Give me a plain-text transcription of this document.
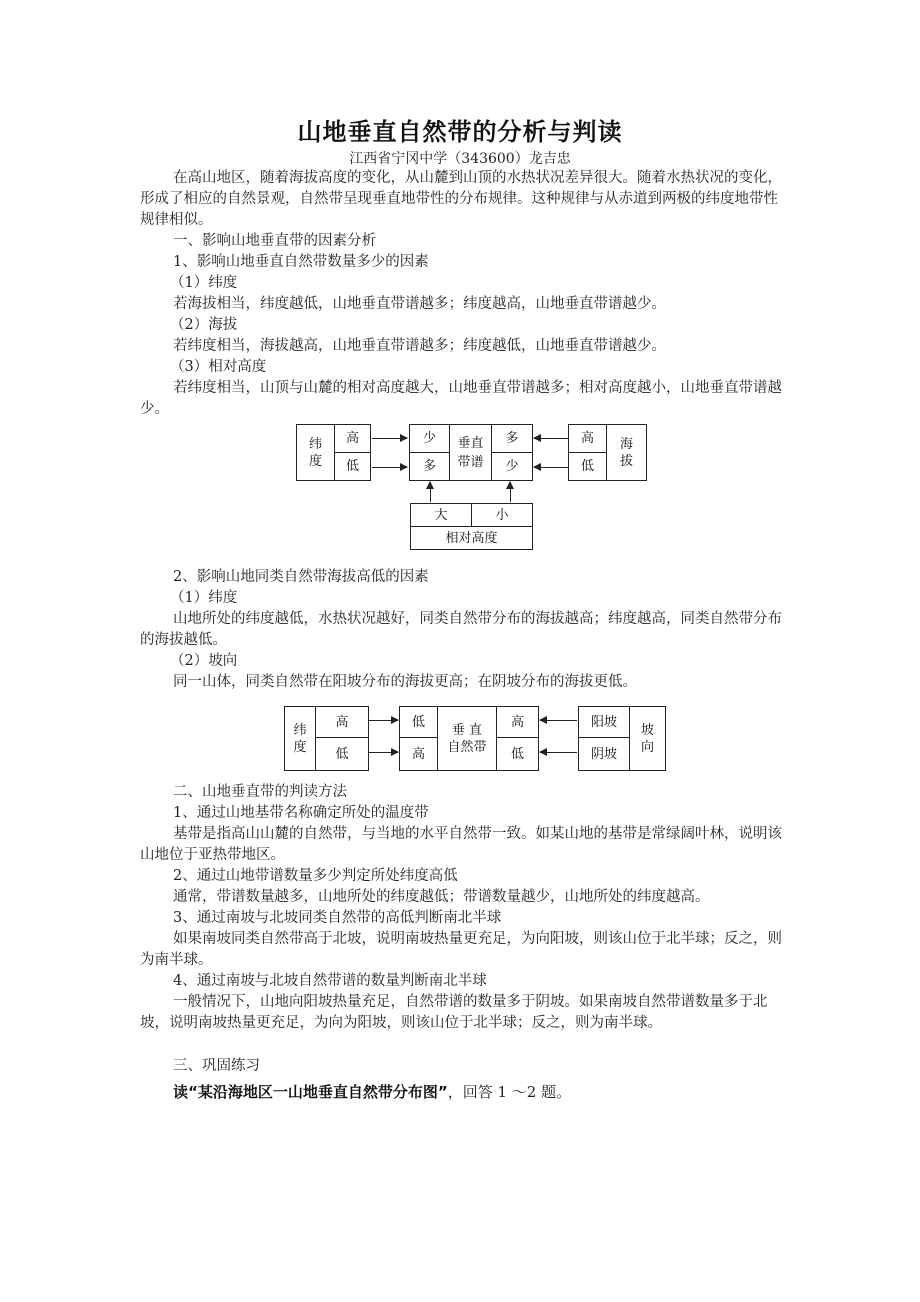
山地垂直自然带的分析与判读
江西省宁冈中学（343600）龙吉忠
在高山地区，随着海拔高度的变化，从山麓到山顶的水热状况差异很大。随着水热状况的变化，形成了相应的自然景观，自然带呈现垂直地带性的分布规律。这种规律与从赤道到两极的纬度地带性规律相似。
一、影响山地垂直带的因素分析
1、影响山地垂直自然带数量多少的因素
（1）纬度
若海拔相当，纬度越低，山地垂直带谱越多；纬度越高，山地垂直带谱越少。
（2）海拔
若纬度相当，海拔越高，山地垂直带谱越多；纬度越低，山地垂直带谱越少。
（3）相对高度
若纬度相当，山顶与山麓的相对高度越大，山地垂直带谱越多；相对高度越小，山地垂直带谱越少。
纬度
高
低
少
多
垂直带谱
多
少
高
低
海拔
大	小
相对高度
2、影响山地同类自然带海拔高低的因素
（1）纬度
山地所处的纬度越低，水热状况越好，同类自然带分布的海拔越高；纬度越高，同类自然带分布的海拔越低。
（2）坡向
同一山体，同类自然带在阳坡分布的海拔更高；在阴坡分布的海拔更低。
纬度
高
低
低
高
垂 直
自然带
高
低
阳坡
阴坡
坡向
二、山地垂直带的判读方法
1、通过山地基带名称确定所处的温度带
基带是指高山山麓的自然带，与当地的水平自然带一致。如某山地的基带是常绿阔叶林，说明该山地位于亚热带地区。
2、通过山地带谱数量多少判定所处纬度高低
通常，带谱数量越多，山地所处的纬度越低；带谱数量越少，山地所处的纬度越高。
3、通过南坡与北坡同类自然带的高低判断南北半球
如果南坡同类自然带高于北坡，说明南坡热量更充足，为向阳坡，则该山位于北半球；反之，则为南半球。
4、通过南坡与北坡自然带谱的数量判断南北半球
一般情况下，山地向阳坡热量充足，自然带谱的数量多于阴坡。如果南坡自然带谱数量多于北坡，说明南坡热量更充足，为向为阳坡，则该山位于北半球；反之，则为南半球。
三、巩固练习
读“某沿海地区一山地垂直自然带分布图”，回答 1 ～2 题。
